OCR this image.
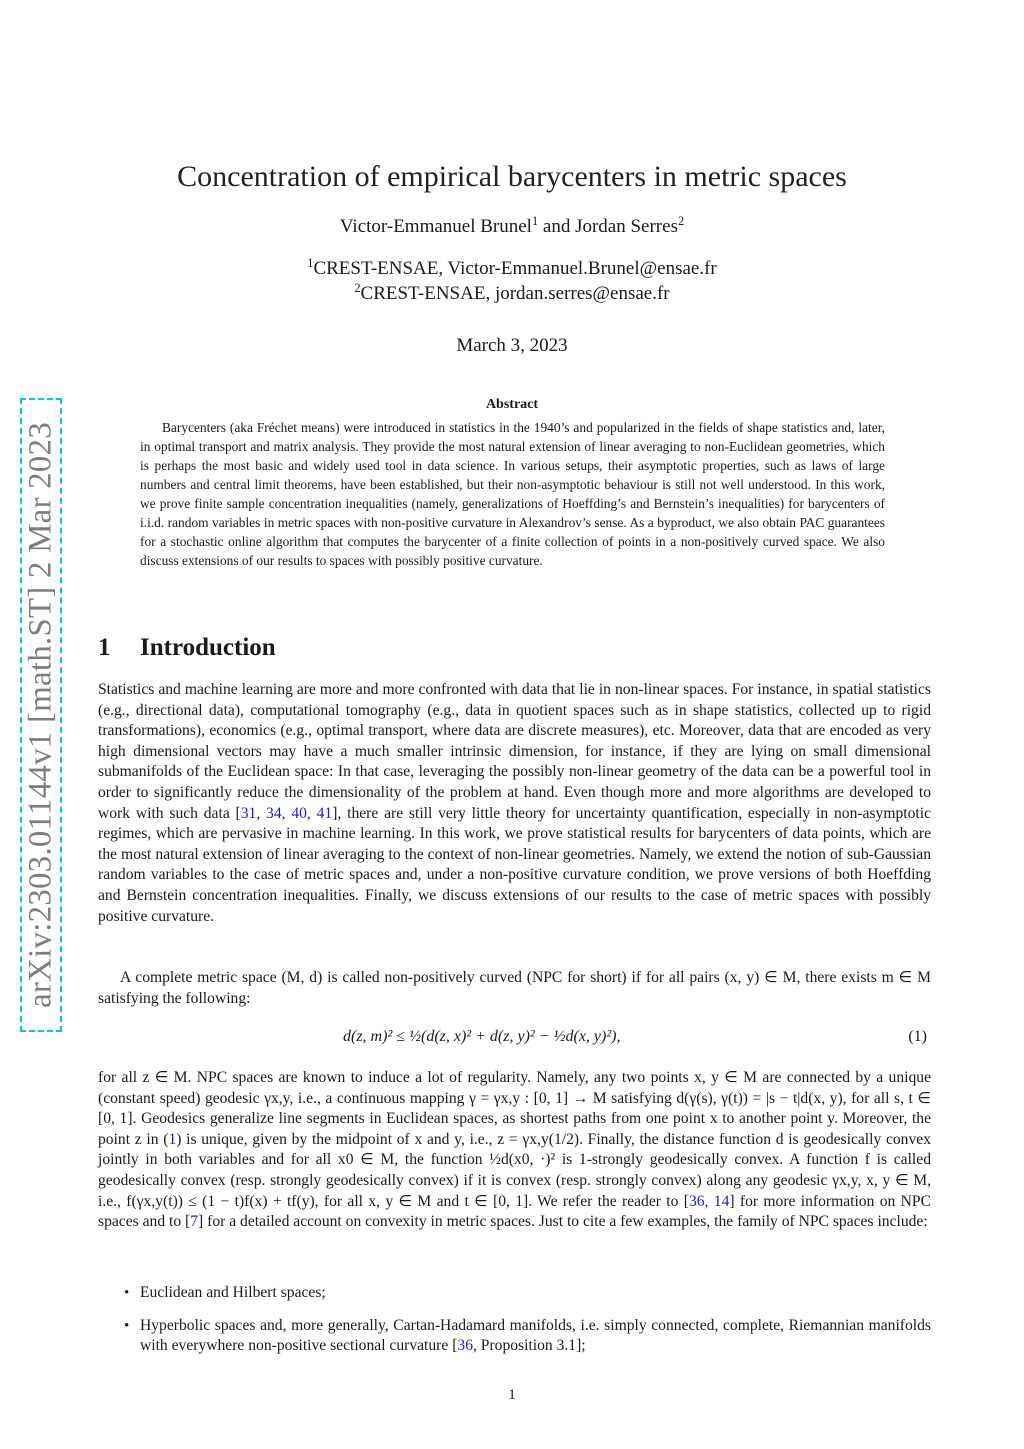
arXiv:2303.01144v1 [math.ST] 2 Mar 2023
Concentration of empirical barycenters in metric spaces
Victor-Emmanuel Brunel$^1$ and Jordan Serres$^2$
$^1$CREST-ENSAE, Victor-Emmanuel.Brunel@ensae.fr
$^2$CREST-ENSAE, jordan.serres@ensae.fr
March 3, 2023
Abstract
Barycenters (aka Fréchet means) were introduced in statistics in the 1940’s and popularized in the fields of shape statistics and, later, in optimal transport and matrix analysis. They provide the most natural extension of linear averaging to non-Euclidean geometries, which is perhaps the most basic and widely used tool in data science. In various setups, their asymptotic properties, such as laws of large numbers and central limit theorems, have been established, but their non-asymptotic behaviour is still not well understood. In this work, we prove finite sample concentration inequalities (namely, generalizations of Hoeffding’s and Bernstein’s inequalities) for barycenters of i.i.d. random variables in metric spaces with non-positive curvature in Alexandrov’s sense. As a byproduct, we also obtain PAC guarantees for a stochastic online algorithm that computes the barycenter of a finite collection of points in a non-positively curved space. We also discuss extensions of our results to spaces with possibly positive curvature.
1 Introduction
Statistics and machine learning are more and more confronted with data that lie in non-linear spaces. For instance, in spatial statistics (e.g., directional data), computational tomography (e.g., data in quotient spaces such as in shape statistics, collected up to rigid transformations), economics (e.g., optimal transport, where data are discrete measures), etc. Moreover, data that are encoded as very high dimensional vectors may have a much smaller intrinsic dimension, for instance, if they are lying on small dimensional submanifolds of the Euclidean space: In that case, leveraging the possibly non-linear geometry of the data can be a powerful tool in order to significantly reduce the dimensionality of the problem at hand. Even though more and more algorithms are developed to work with such data [31, 34, 40, 41], there are still very little theory for uncertainty quantification, especially in non-asymptotic regimes, which are pervasive in machine learning. In this work, we prove statistical results for barycenters of data points, which are the most natural extension of linear averaging to the context of non-linear geometries. Namely, we extend the notion of sub-Gaussian random variables to the case of metric spaces and, under a non-positive curvature condition, we prove versions of both Hoeffding and Bernstein concentration inequalities. Finally, we discuss extensions of our results to the case of metric spaces with possibly positive curvature.
A complete metric space (M, d) is called non-positively curved (NPC for short) if for all pairs (x, y) ∈ M, there exists m ∈ M satisfying the following:
d(z, m)² ≤ ½(d(z, x)² + d(z, y)² − ½d(x, y)²),	(1)
for all z ∈ M. NPC spaces are known to induce a lot of regularity. Namely, any two points x, y ∈ M are connected by a unique (constant speed) geodesic γx,y, i.e., a continuous mapping γ = γx,y : [0, 1] → M satisfying d(γ(s), γ(t)) = |s − t|d(x, y), for all s, t ∈ [0, 1]. Geodesics generalize line segments in Euclidean spaces, as shortest paths from one point x to another point y. Moreover, the point z in (1) is unique, given by the midpoint of x and y, i.e., z = γx,y(1/2). Finally, the distance function d is geodesically convex jointly in both variables and for all x0 ∈ M, the function ½d(x0, ·)² is 1-strongly geodesically convex. A function f is called geodesically convex (resp. strongly geodesically convex) if it is convex (resp. strongly convex) along any geodesic γx,y, x, y ∈ M, i.e., f(γx,y(t)) ≤ (1 − t)f(x) + tf(y), for all x, y ∈ M and t ∈ [0, 1]. We refer the reader to [36, 14] for more information on NPC spaces and to [7] for a detailed account on convexity in metric spaces. Just to cite a few examples, the family of NPC spaces include:
• Euclidean and Hilbert spaces;
• Hyperbolic spaces and, more generally, Cartan-Hadamard manifolds, i.e. simply connected, complete, Riemannian manifolds with everywhere non-positive sectional curvature [36, Proposition 3.1];
1
